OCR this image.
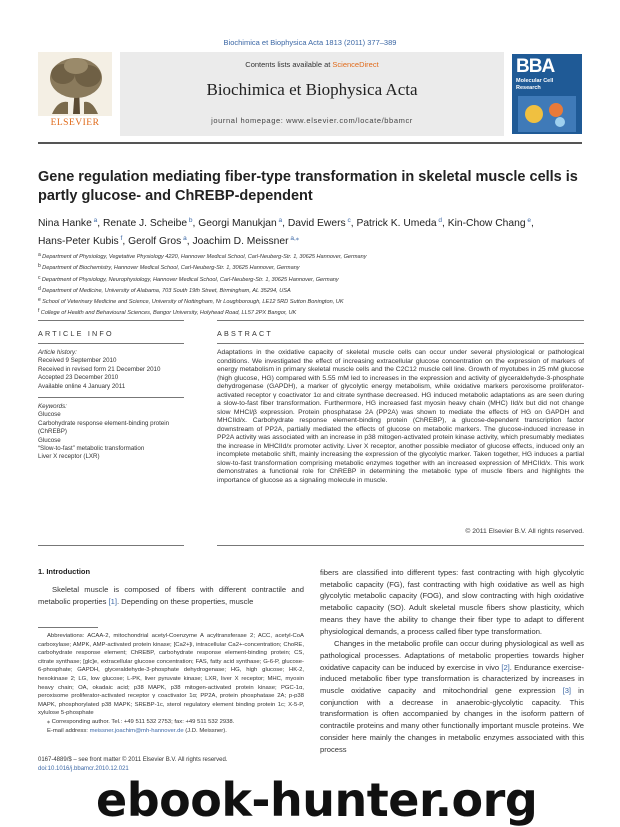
Biochimica et Biophysica Acta 1813 (2011) 377–389
ELSEVIER
Contents lists available at ScienceDirect
Biochimica et Biophysica Acta
journal homepage: www.elsevier.com/locate/bbamcr
BBA
Molecular Cell Research
Gene regulation mediating fiber-type transformation in skeletal muscle cells is partly glucose- and ChREBP-dependent
Nina Hanke $^a$, Renate J. Scheibe $^b$, Georgi Manukjan $^a$, David Ewers $^c$, Patrick K. Umeda $^d$, Kin-Chow Chang $^e$,
Hans-Peter Kubis $^f$, Gerolf Gros $^a$, Joachim D. Meissner $^{a,⁎}$
a Department of Physiology, Vegetative Physiology 4220, Hannover Medical School, Carl-Neuberg-Str. 1, 30625 Hannover, Germany
b Department of Biochemistry, Hannover Medical School, Carl-Neuberg-Str. 1, 30625 Hannover, Germany
c Department of Physiology, Neurophysiology, Hannover Medical School, Carl-Neuberg-Str. 1, 30625 Hannover, Germany
d Department of Medicine, University of Alabama, 703 South 19th Street, Birmingham, AL 35294, USA
e School of Veterinary Medicine and Science, University of Nottingham, Nr Loughborough, LE12 5RD Sutton Bonington, UK
f College of Health and Behavioural Sciences, Bangor University, Holyhead Road, LL57 2PX Bangor, UK
ARTICLE INFO	ABSTRACT
Article history:
Received 9 September 2010
Received in revised form 21 December 2010
Accepted 23 December 2010
Available online 4 January 2011
Keywords:
Glucose
Carbohydrate response element-binding protein (ChREBP)
Glucose
“Slow-to-fast” metabolic transformation
Liver X receptor (LXR)

Adaptations in the oxidative capacity of skeletal muscle cells can occur under several physiological or pathological conditions. We investigated the effect of increasing extracellular glucose concentration on the expression of markers of energy metabolism in primary skeletal muscle cells and the C2C12 muscle cell line. Growth of myotubes in 25 mM glucose (high glucose, HG) compared with 5.55 mM led to increases in the expression and activity of glyceraldehyde-3-phosphate dehydrogenase (GAPDH), a marker of glycolytic energy metabolism, while oxidative markers peroxisome proliferator-activated receptor γ coactivator 1α and citrate synthase decreased. HG induced metabolic adaptations as are seen during a slow-to-fast fiber transformation. Furthermore, HG increased fast myosin heavy chain (MHC) IId/x but did not change slow MHCI/β expression. Protein phosphatase 2A (PP2A) was shown to mediate the effects of HG on GAPDH and MHCIId/x. Carbohydrate response element-binding protein (ChREBP), a glucose-dependent transcription factor downstream of PP2A, partially mediated the effects of glucose on metabolic markers. The glucose-induced increase in PP2A activity was associated with an increase in p38 mitogen-activated protein kinase activity, which presumably mediates the increase in MHCIId/x promoter activity. Liver X receptor, another possible mediator of glucose effects, induced only an incomplete metabolic shift, mainly increasing the expression of the glycolytic marker. Taken together, HG induces a partial slow-to-fast transformation comprising metabolic enzymes together with an increased expression of MHCIId/x. This work demonstrates a functional role for ChREBP in determining the metabolic type of muscle fibers and highlights the importance of glucose as a signaling molecule in muscle.

© 2011 Elsevier B.V. All rights reserved.
1. Introduction

Skeletal muscle is composed of fibers with different contractile and metabolic properties [1]. Depending on these properties, muscle

Abbreviations: ACAA-2, mitochondrial acetyl-Coenzyme A acyltransferase 2; ACC, acetyl-CoA carboxylase; AMPK, AMP-activated protein kinase; [Ca2+]i, intracellular Ca2+-concentration; ChoRE, carbohydrate response element; ChREBP, carbohydrate response element-binding protein; CS, citrate synthase; [glc]e, extracellular glucose concentration; FAS, fatty acid synthase; G-6-P, glucose-6-phosphate; GAPDH, glyceraldehyde-3-phosphate dehydrogenase; HG, high glucose; HK-2, hexokinase 2; LG, low glucose; L-PK, liver pyruvate kinase; LXR, liver X receptor; MHC, myosin heavy chain; OA, okadaic acid; p38 MAPK, p38 mitogen-activated protein kinase; PGC-1α, peroxisome proliferator-activated receptor γ coactivator 1α; PP2A, protein phosphatase 2A; p-p38 MAPK, phosphorylated p38 MAPK; SREBP-1c, sterol regulatory element binding protein 1c; X-5-P, xylulose 5-phosphate

⁎ Corresponding author. Tel.: +49 511 532 2753; fax: +49 511 532 2938.

E-mail address: meissner.joachim@mh-hannover.de (J.D. Meissner).

0167-4889/$ – see front matter © 2011 Elsevier B.V. All rights reserved.
doi:10.1016/j.bbamcr.2010.12.021

fibers are classified into different types: fast contracting with high glycolytic metabolic capacity (FG), fast contracting with high oxidative as well as high glycolytic metabolic capacity (FOG), and slow contracting with high oxidative metabolic capacity (SO). Adult skeletal muscle fibers show plasticity, which means they have the ability to change their fiber type to adapt to different physiological demands, a process called fiber type transformation.

Changes in the metabolic profile can occur during physiological as well as pathological processes. Adaptations of metabolic properties towards higher oxidative capacity can be induced by exercise in vivo [2]. Endurance exercise-induced metabolic fiber type transformation is characterized by increases in muscle oxidative capacity and mitochondrial gene expression [3] in conjunction with a decrease in anaerobic-glycolytic capacity. This transformation is often accompanied by changes in the isoform pattern of contractile proteins and many other functionally important muscle proteins. We consider here mainly the changes in metabolic enzymes associated with this process

ebook-hunter.org
